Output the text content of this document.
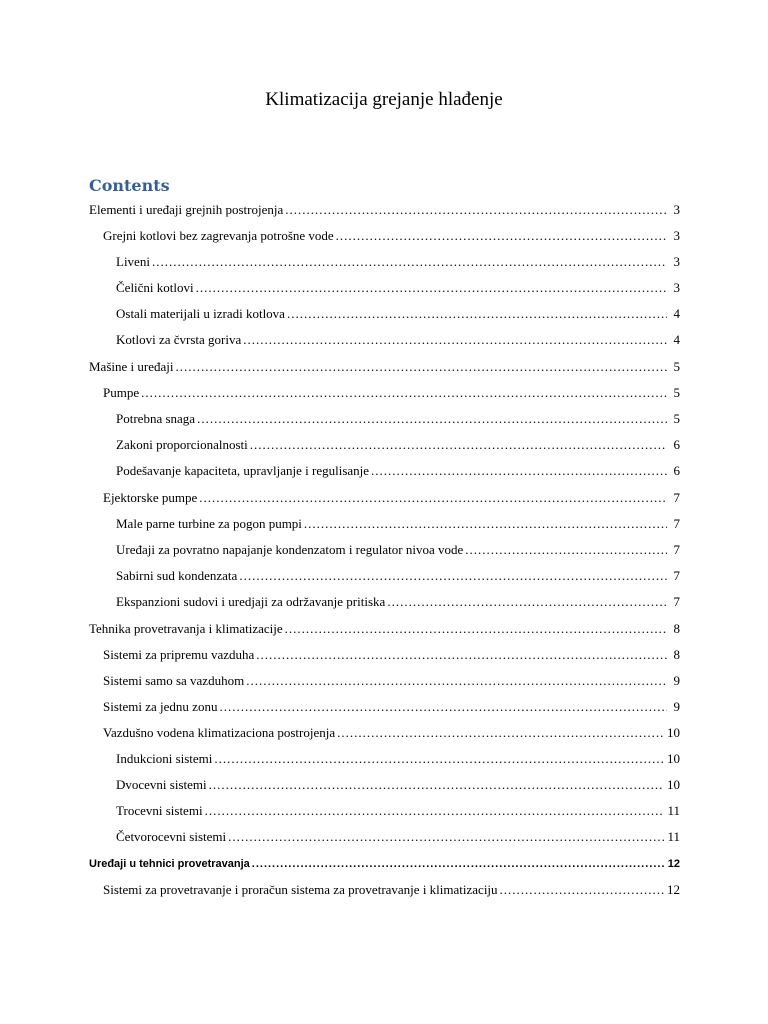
Klimatizacija grejanje hlađenje
Contents
Elementi i uređaji grejnih postrojenja .....	3
Grejni kotlovi bez zagrevanja potrošne vode .....	3
Liveni .....	3
Čelični kotlovi .....	3
Ostali materijali u izradi kotlova .....	4
Kotlovi za čvrsta goriva .....	4
Mašine i uređaji .....	5
Pumpe .....	5
Potrebna snaga .....	5
Zakoni proporcionalnosti .....	6
Podešavanje kapaciteta, upravljanje i regulisanje .....	6
Ejektorske pumpe .....	7
Male parne turbine za pogon pumpi .....	7
Uređaji za povratno napajanje kondenzatom i regulator nivoa vode .....	7
Sabirni sud kondenzata .....	7
Ekspanzioni sudovi i uredjaji za održavanje pritiska .....	7
Tehnika provetravanja i klimatizacije .....	8
Sistemi za pripremu vazduha .....	8
Sistemi samo sa vazduhom .....	9
Sistemi za jednu zonu .....	9
Vazdušno vodena klimatizaciona postrojenja .....	10
Indukcioni sistemi .....	10
Dvocevni sistemi .....	10
Trocevni sistemi .....	11
Četvorocevni sistemi .....	11
Uređaji u tehnici provetravanja .....	12
Sistemi za provetravanje i proračun sistema za provetravanje i klimatizaciju .....	12
